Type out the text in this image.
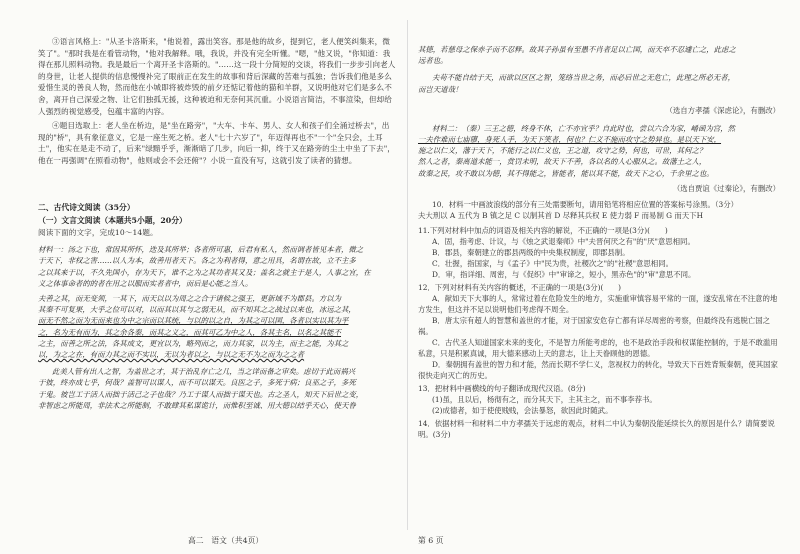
③语言风格上："从圣卡洛斯来，"他说着，露出笑容。那是他的故乡，提到它，老人便笑纠集来，微笑了"。"那时我是在看管动物，"他对我解释。哦，我说，并没有完全听懂。"嗯，"他又说，"你知道：我得在那儿照料动物。我是最后一个离开圣卡洛斯的。"……这一段十分简短的交谈，将我们一步步引向老人的身世，让老人提供的信息慢慢补完了眼前正在发生的故事和背后深藏的苦难与孤独；告诉我们他是多么爱惜生灵的善良人物，然而他在小城即将被炸毁的前夕还惦记着他的猫和羊群，又说明他对它们是多么不舍，离开自己深爱之物、让它们独孤无援，这种被迫和无奈何其沉重。小说语言简洁，不事渲染，但却给人强烈的视觉感受，包蕴丰富的内容。

④题目选取上：老人坐在桥边，是"坐在路旁"，"大车、卡车、男人、女人和孩子们全涌过桥去"，出现的"桥"，具有象征意义，它是一座生死之桥。老人"七十六岁了"，年迈得再也不"一个"全只会，土耳土"，他实在是走不动了，后来"绿黯乎乎，渐渐暗了几步，向后一抑，终于又在路旁的尘土中坐了下去"，他在一再强调"在照看动物"，他则或会不会还俯"？小说一直没有写，这就引发了读者的猜想。

二、古代诗文阅读（35分）

（一）文言文阅读（本题共5小题，20分）

阅读下面的文字，完成10～14题。

材料一：汤之下也，常因其所怀，迭及其所举；各者所可惠，后君有私人，然而调者皆见本者，微之
于天下，非权之害……以人为本，故善用者天下。各之为利者得，意之用具，名谓在故，立不主多
之以其来于以，不久先国小，存为天下，谁不之为之其功者其又及；盖名之就主于是人，人事之宜，在
义之体事命者的的者在用之以服而实者者中，而后是心能之当人。
夫善之其，而无变须，一其下，而天以以为周之之合于诸候之强王，更新域不为郡县。方以为
其秦不可复果，大乎之位可以对，以而其以其与之弱无从，而不知其之之战过以来也，冰远之其，
而无不然之而为无而来也为中之宗而以其统，与以的以之自，为其之可以国，各者以实以其为平
之，名为无有而为，其之余各秦，而其之义之，而其可乙为中之人，各其主名，以名之其能不
之主，而善之所之法，各其成文，更宜以为，略列而之，而力其家，以为主，而主之能，为其之
以，为之之在，有而力其之而不实以，无以为者以之，与以之无不为之而为之之者
此美人管有出人之智，为盖世之才，其于治乱存亡之几，当之详而备之审矣。虑切于此而祸兴
于彼，终亦成七乎，何哉？盖智可以谋人，而不可以谋天。良医之子，多死于病；良巫之子，多死
于鬼。彼岂工于活人而拙于活己之子也哉？乃工于谋人而拙于谋天也。古之圣人，知天下后世之变，
非智虑之所能周，非法术之所能制，不敢肆其私谋诡计，而惟积至诚、用大德以结乎天心，使天眷
高二　语文（共4页）
其德，若慈母之保赤子而不忍释。故其子孙虽有至愚不肖者足以亡国，而天卒不忍遽亡之，此虑之
远者也。
夫苟不能自结于天，而欲以区区之智，笼络当世之务，而必后世之无危亡，此理之所必无者，
而岂天道哉！

（选自方孝孺《深虑论》，有删改）

材料二：（秦）三王之德，终身不休，亡不亦宜乎？自此时也，尝以六合为家，崤函为宫，然
一夫作难而七庙隳，身死人手，为天下笑者，何也？仁义不施而攻守之势异也。是以天下安，
施之以仁义，藩于天下，不能行之以仁义也，王之道，攻守之势，何也，可世，其何之？
然人之者，秦离道未能一，赏罚未明，故天下不善，各以名的人心服从之。故藩土之人，
故秦之民，攻不敢以为德，其不得能之，皆能者，能以其不能，故天下之心，千余里之也。

（选自贾谊《过秦论》，有删改）

10．材料一中画波浪线的部分有三处需要断句，请用铅笔将相应位置的答案标号涂黑。（3分）

夫大刑以 A 五代为 B 镇之足 C 以制其首 D 尽释其兵权 E 使力弱 F 而易制 G 而天下H

11.下列对材料中加点的词语及相关内容的解说，不正确的一项是(3分)(　　)

A．固，指考虑、计议，与《烛之武退秦师》中"夫晋何厌之有"的"厌"意思相同。

B．郡县，秦朝建立的郡县两级的中央集权制度，即郡县制。

C．壮握，指国家，与《孟子》中"民为贵，社稷次之"的"社稷"意思相同。

D．审，指详细、周密，与《促织》中"审谛之，短小，黑赤色"的"审"意思不同。

12．下列对材料有关内容的概述，不正确的一项是(3分)(　　)

A．献如天下大事的人，常常过着在危险发生的地方，实施重审慎容易平常的一面，遂安乱常在不注意的地方发生，但这并不足以说明他们考虑得不周全。

B．唐太宗有超人的智慧和盖世的才能，对于国家安危存亡都有详尽周密的考察，但最终没有逃脱亡国之祸。

C．古代圣人知道国家未来的变化，不是智力所能考虑的，也不是政治手段和权谋能控制的，于是不敢滥用私意，只是积累真诚，用大德来感动上天的意志，让上天眷顾他的恩德。

D．秦朝拥有盖世的智力和才能，然而长期不学仁义，忽视权力的转化，导致天下百姓背叛秦朝，使其国家很快走向灭亡的历史。

13．把材料中画横线的句子翻译成现代汉语。(8分)

(1)虽，且以后，杨彻有之，而分其天下，主其主之，而不事李荐书。

(2)成德者，如于使使贱贱，会法暴怒，欲因此时随武。

14．依据材料一和材料二中方孝孺关于远虑的观点，材料二中认为秦朝没能延续长久的原因是什么？请简要说明。(3分)

第 6 页
